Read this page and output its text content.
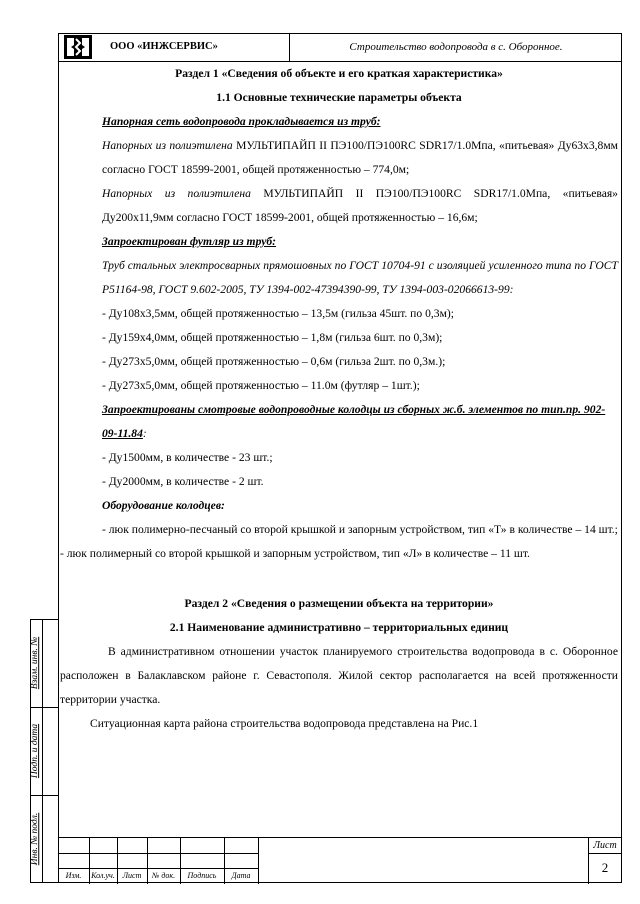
ООО «ИНЖСЕРВИС»	Строительство водопровода в с. Оборонное.

Раздел 1 «Сведения об объекте и его краткая характеристика»

1.1 Основные технические параметры объекта

Напорная сеть водопровода прокладывается из труб:

Напорных из полиэтилена МУЛЬТИПАЙП II ПЭ100/ПЭ100RC SDR17/1.0Мпа, «питьевая» Ду63х3,8мм согласно ГОСТ 18599-2001, общей протяженностью – 774,0м;

Напорных из полиэтилена МУЛЬТИПАЙП II ПЭ100/ПЭ100RC SDR17/1.0Мпа, «питьевая» Ду200х11,9мм согласно ГОСТ 18599-2001, общей протяженностью – 16,6м;

Запроектирован футляр из труб:

Труб стальных электросварных прямошовных по ГОСТ 10704-91 с изоляцией усиленного типа по ГОСТ Р51164-98, ГОСТ 9.602-2005, ТУ 1394-002-47394390-99, ТУ 1394-003-02066613-99:

- Ду108х3,5мм, общей протяженностью – 13,5м (гильза 45шт. по 0,3м);

- Ду159х4,0мм, общей протяженностью – 1,8м (гильза 6шт. по 0,3м);

- Ду273х5,0мм, общей протяженностью – 0,6м (гильза 2шт. по 0,3м.);

- Ду273х5,0мм, общей протяженностью – 11.0м (футляр – 1шт.);

Запроектированы смотровые водопроводные колодцы из сборных ж.б. элементов по тип.пр. 902-09-11.84:

- Ду1500мм, в количестве - 23 шт.;

- Ду2000мм, в количестве - 2 шт.

Оборудование колодцев:

- люк полимерно-песчаный со второй крышкой и запорным устройством, тип «Т» в количестве – 14 шт.;

- люк полимерный со второй крышкой и запорным устройством, тип «Л» в количестве – 11 шт.

Раздел 2 «Сведения о размещении объекта на территории»

2.1 Наименование административно – территориальных единиц

В административном отношении участок планируемого строительства водопровода в с. Оборонное расположен в Балаклавском районе г. Севастополя. Жилой сектор располагается на всей протяженности территории участка.

Ситуационная карта района строительства водопровода представлена на Рис.1

Взам. инв. №
Подп. и дата
Инв. № подл.
Изм.	Кол.уч. Лист	№ док.	Подпись	Дата
Лист
2
